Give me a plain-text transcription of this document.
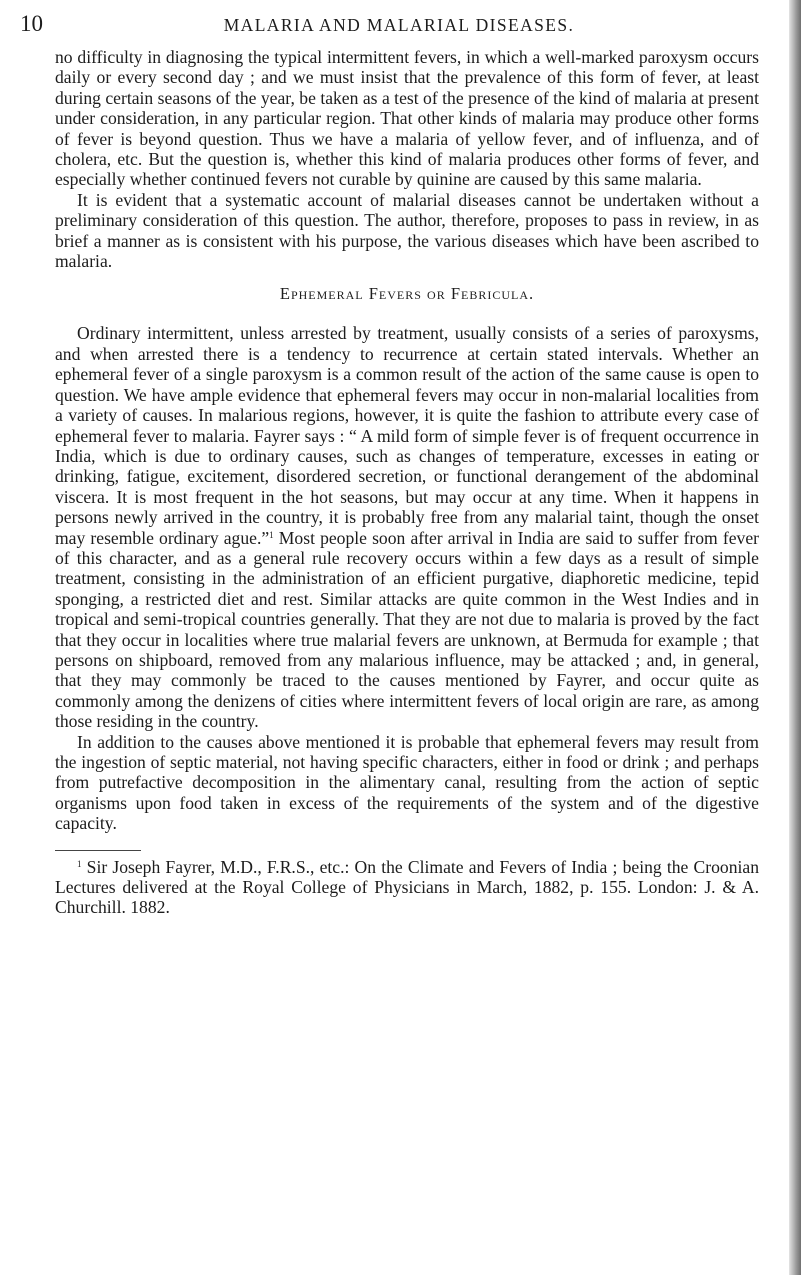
10	MALARIA AND MALARIAL DISEASES.

no difficulty in diagnosing the typical intermittent fevers, in which a well-marked paroxysm occurs daily or every second day ; and we must insist that the prevalence of this form of fever, at least during certain seasons of the year, be taken as a test of the presence of the kind of malaria at present under consideration, in any particular region. That other kinds of malaria may produce other forms of fever is beyond question. Thus we have a malaria of yellow fever, and of influenza, and of cholera, etc. But the question is, whether this kind of malaria produces other forms of fever, and especially whether continued fevers not curable by quinine are caused by this same malaria.

It is evident that a systematic account of malarial diseases cannot be undertaken without a preliminary consideration of this question. The author, therefore, proposes to pass in review, in as brief a manner as is consistent with his purpose, the various diseases which have been ascribed to malaria.

Ephemeral Fevers or Febricula.

Ordinary intermittent, unless arrested by treatment, usually consists of a series of paroxysms, and when arrested there is a tendency to recurrence at certain stated intervals. Whether an ephemeral fever of a single paroxysm is a common result of the action of the same cause is open to question. We have ample evidence that ephemeral fevers may occur in non-malarial localities from a variety of causes. In malarious regions, however, it is quite the fashion to attribute every case of ephemeral fever to malaria. Fayrer says : “ A mild form of simple fever is of frequent occurrence in India, which is due to ordinary causes, such as changes of temperature, excesses in eating or drinking, fatigue, excitement, disordered secretion, or functional derangement of the abdominal viscera. It is most frequent in the hot seasons, but may occur at any time. When it happens in persons newly arrived in the country, it is probably free from any malarial taint, though the onset may resemble ordinary ague.”$^1$ Most people soon after arrival in India are said to suffer from fever of this character, and as a general rule recovery occurs within a few days as a result of simple treatment, consisting in the administration of an efficient purgative, diaphoretic medicine, tepid sponging, a restricted diet and rest. Similar attacks are quite common in the West Indies and in tropical and semi-tropical countries generally. That they are not due to malaria is proved by the fact that they occur in localities where true malarial fevers are unknown, at Bermuda for example ; that persons on shipboard, removed from any malarious influence, may be attacked ; and, in general, that they may commonly be traced to the causes mentioned by Fayrer, and occur quite as commonly among the denizens of cities where intermittent fevers of local origin are rare, as among those residing in the country.

In addition to the causes above mentioned it is probable that ephemeral fevers may result from the ingestion of septic material, not having specific characters, either in food or drink ; and perhaps from putrefactive decomposition in the alimentary canal, resulting from the action of septic organisms upon food taken in excess of the requirements of the system and of the digestive capacity.

$^1$ Sir Joseph Fayrer, M.D., F.R.S., etc.: On the Climate and Fevers of India ; being the Croonian Lectures delivered at the Royal College of Physicians in March, 1882, p. 155. London: J. & A. Churchill. 1882.
